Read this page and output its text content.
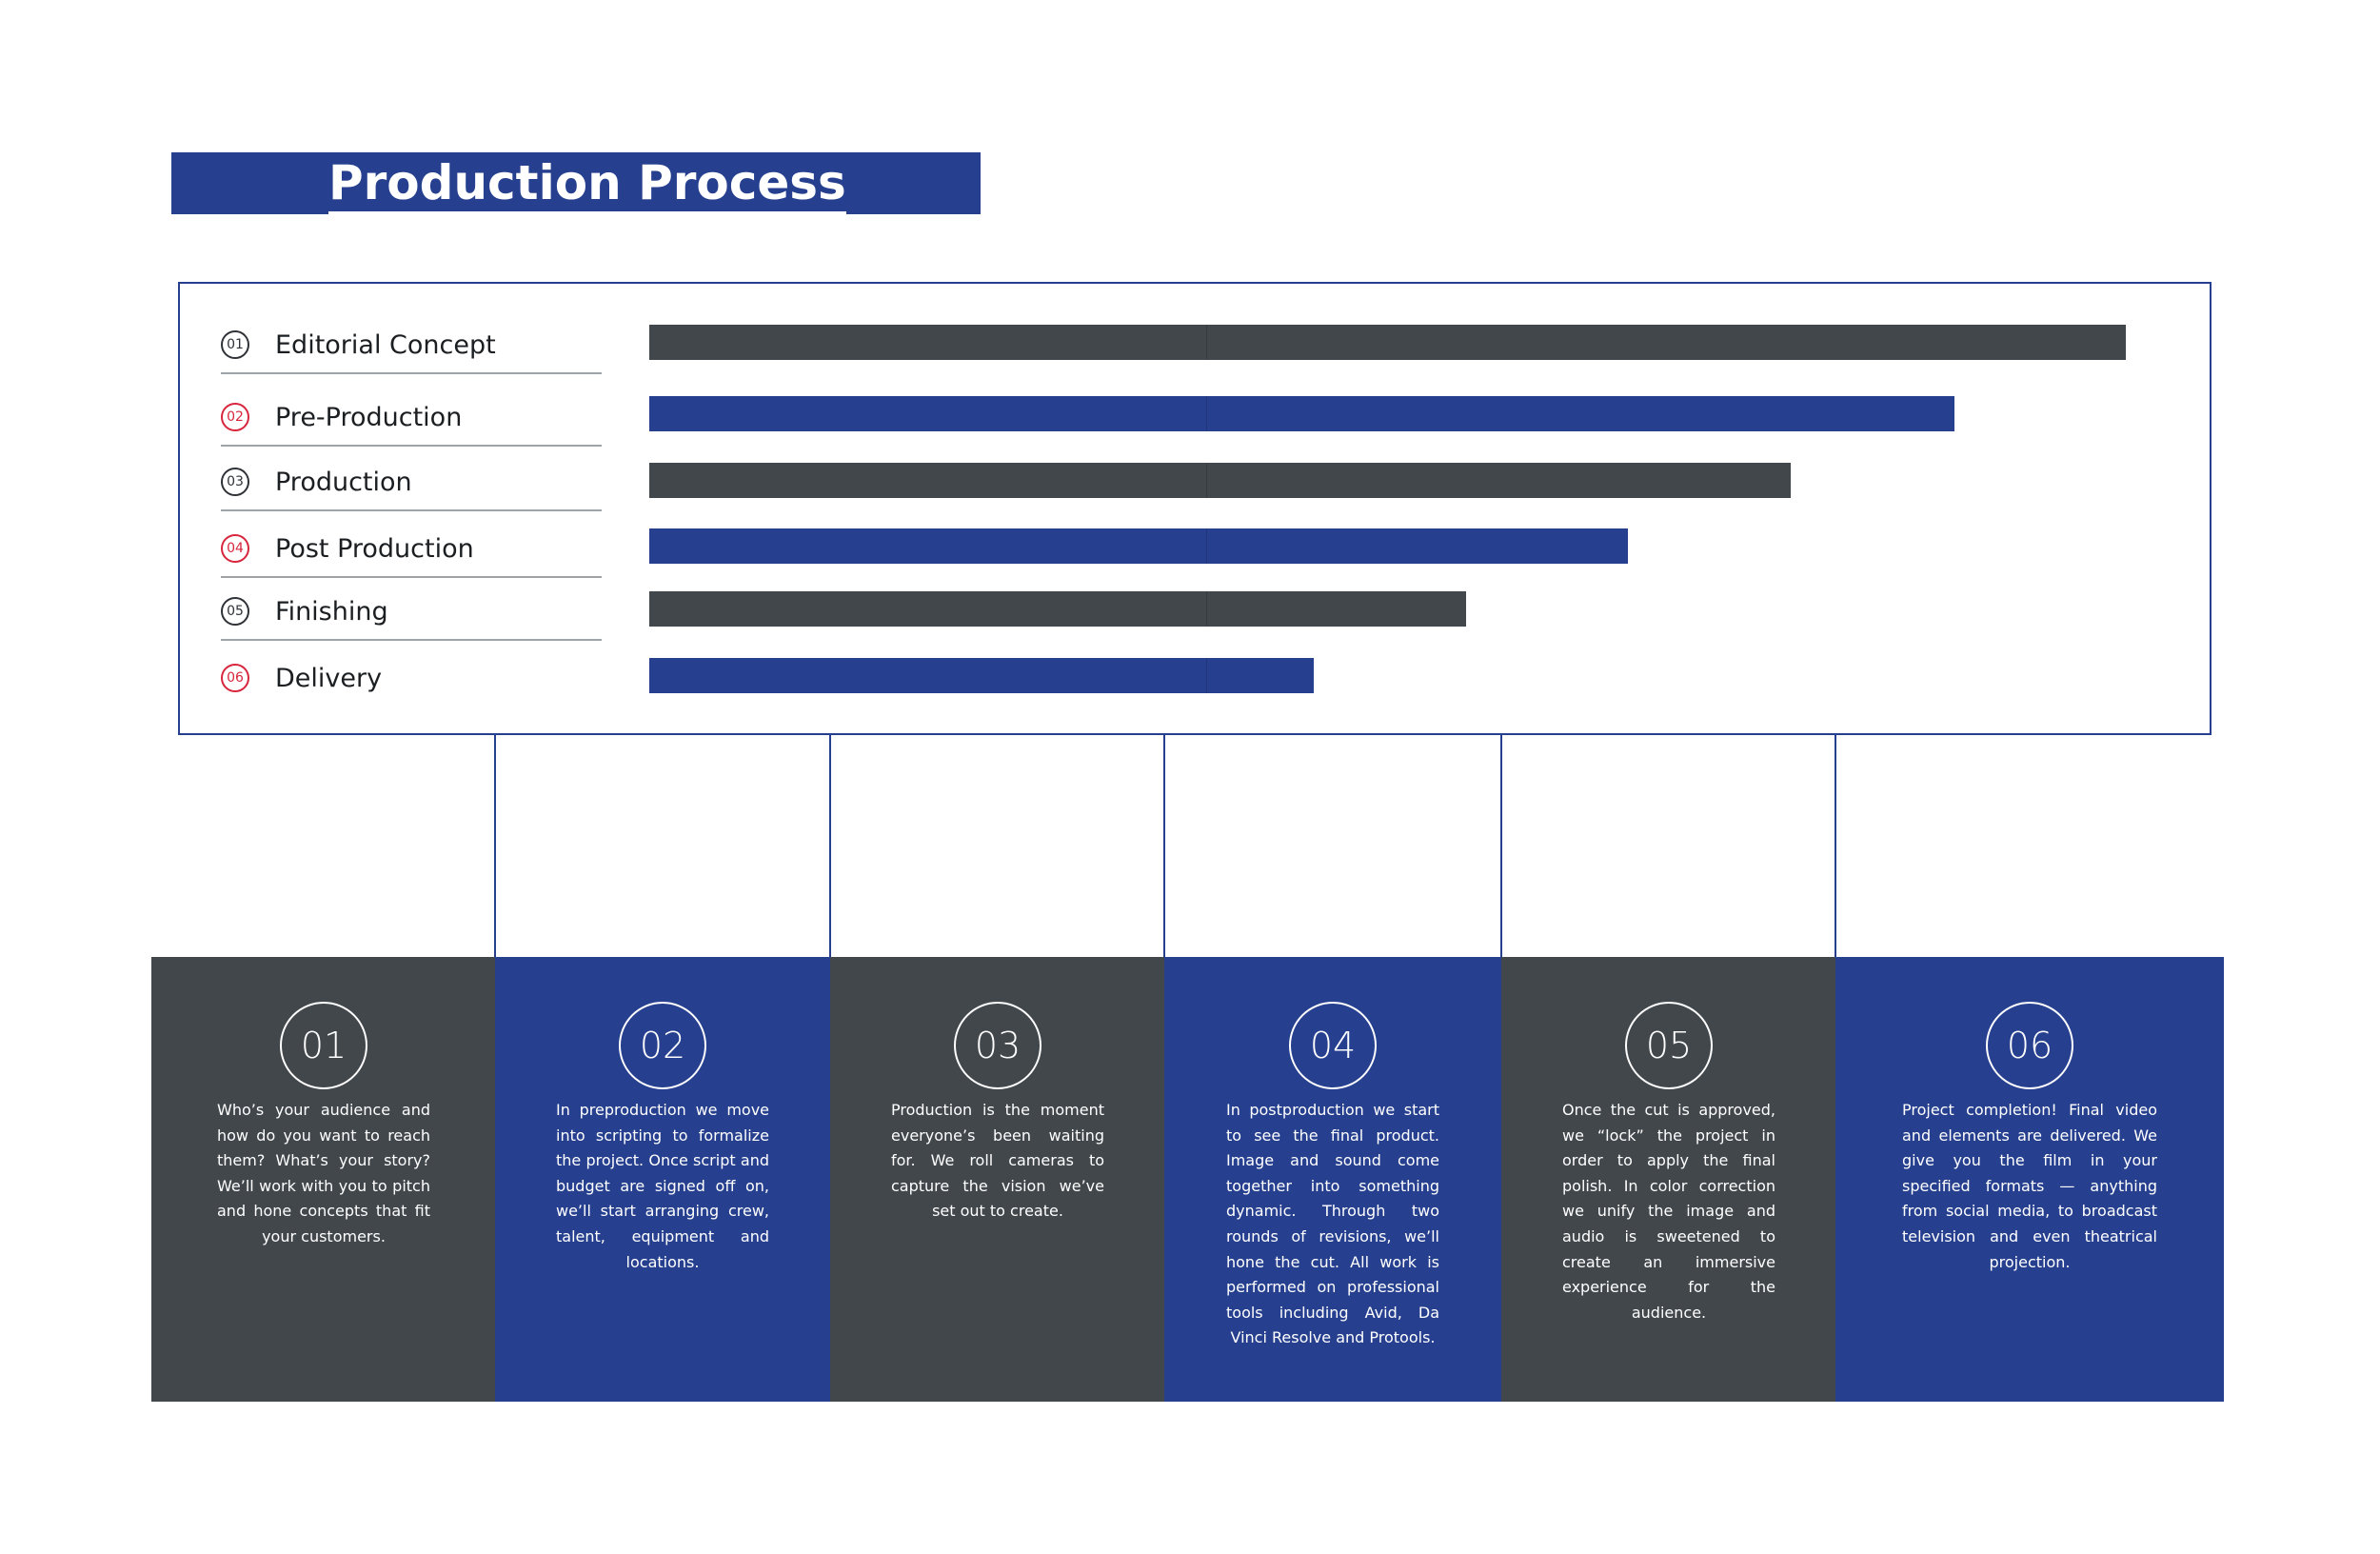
Production Process
01 Editorial Concept
02 Pre-Production
03 Production
04 Post Production
05 Finishing
06 Delivery
01
Who’s your audience and how do you want to reach them? What’s your story? We’ll work with you to pitch and hone concepts that fit your customers.
02
In preproduction we move into scripting to formalize the project. Once script and budget are signed off on, we’ll start arranging crew, talent, equipment and locations.
03
Production is the moment everyone’s been waiting for. We roll cameras to capture the vision we’ve set out to create.
04
In postproduction we start to see the final product. Image and sound come together into something dynamic. Through two rounds of revisions, we’ll hone the cut. All work is performed on professional tools including Avid, Da Vinci Resolve and Protools.
05
Once the cut is approved, we “lock” the project in order to apply the final polish. In color correction we unify the image and audio is sweetened to create an immersive experience for the audience.
06
Project completion! Final video and elements are delivered. We give you the film in your specified formats — anything from social media, to broadcast television and even theatrical projection.
